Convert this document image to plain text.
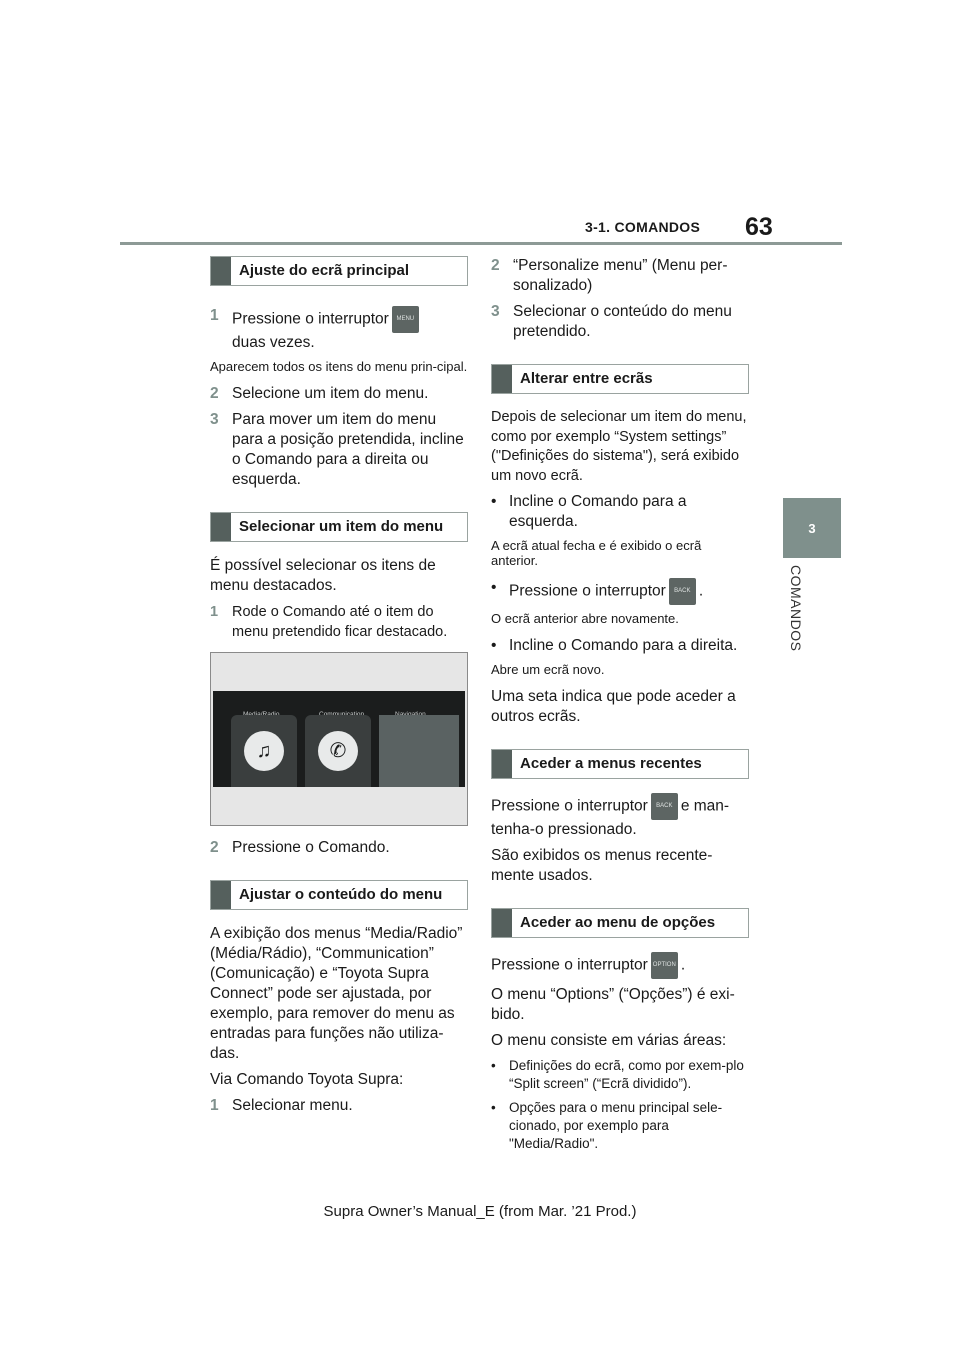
63
3-1. COMANDOS
3
COMANDOS
Ajuste do ecrã principal
1 Pressione o interruptor MENU
duas vezes.

Aparecem todos os itens do menu prin-cipal.

2 Selecione um item do menu.
3 Para mover um item do menu para a posição pretendida, incline o Comando para a direita ou esquerda.
Selecionar um item do menu

É possível selecionar os itens de menu destacados.

1 Rode o Comando até o item do menu pretendido ficar destacado.
♫	✆
2 Pressione o Comando.
Ajustar o conteúdo do menu

A exibição dos menus “Media/Radio” (Média/Rádio), “Communication” (Comunicação) e “Toyota Supra Connect” pode ser ajustada, por exemplo, para remover do menu as entradas para funções não utiliza-das.

Via Comando Toyota Supra:

1 Selecionar menu.
2 “Personalize menu” (Menu per-sonalizado)
3 Selecionar o conteúdo do menu pretendido.
Alterar entre ecrãs

Depois de selecionar um item do menu, como por exemplo “System settings” ("Definições do sistema"), será exibido um novo ecrã.

• Incline o Comando para a esquerda.

A ecrã atual fecha e é exibido o ecrã anterior.

• Pressione o interruptor BACK .

O ecrã anterior abre novamente.

• Incline o Comando para a direita.

Abre um ecrã novo.

Uma seta indica que pode aceder a outros ecrãs.

Aceder a menus recentes

Pressione o interruptor BACK e man-tenha-o pressionado.

São exibidos os menus recente-mente usados.

Aceder ao menu de opções

Pressione o interruptor OPTION .

O menu “Options” (“Opções”) é exi-bido.

O menu consiste em várias áreas:

• Definições do ecrã, como por exem-plo “Split screen” (“Ecrã dividido”).
• Opções para o menu principal sele-cionado, por exemplo para "Media/Radio".
Supra Owner’s Manual_E (from Mar. ’21 Prod.)
